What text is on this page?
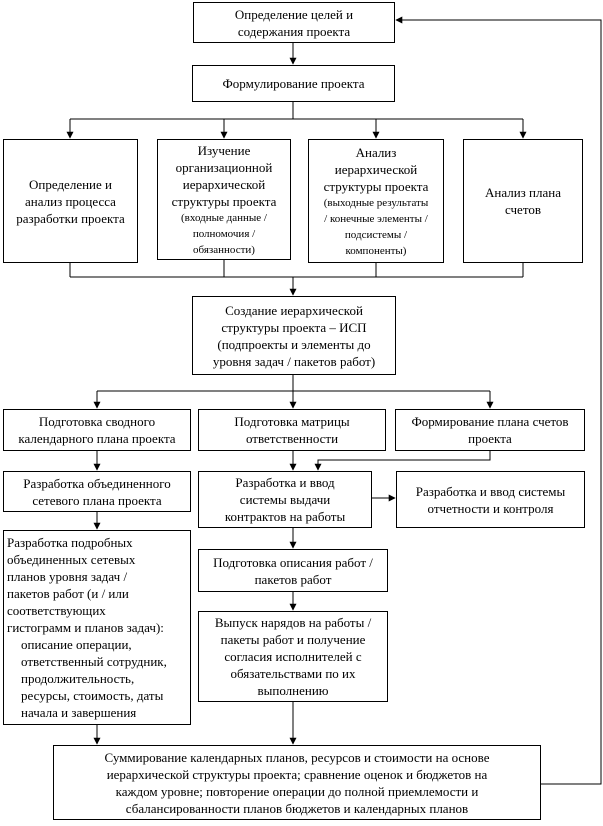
Определение целей и
содержания проекта
Формулирование проекта
Определение и
анализ процесса
разработки проекта
Изучение
организационной
иерархической
структуры проекта
(входные данные /
полномочия /
обязанности)
Анализ
иерархической
структуры проекта
(выходные результаты
/ конечные элементы /
подсистемы /
компоненты)
Анализ плана
счетов
Создание иерархической
структуры проекта – ИСП
(подпроекты и элементы до
уровня задач / пакетов работ)
Подготовка сводного
календарного плана проекта
Подготовка матрицы
ответственности
Формирование плана счетов
проекта
Разработка объединенного
сетевого плана проекта
Разработка и ввод
системы выдачи
контрактов на работы
Разработка и ввод системы
отчетности и контроля
Разработка подробных
объединенных сетевых
планов уровня задач /
пакетов работ (и / или
соответствующих
гистограмм и планов задач):
описание операции,
ответственный сотрудник,
продолжительность,
ресурсы, стоимость, даты
начала и завершения
Подготовка описания работ /
пакетов работ
Выпуск нарядов на работы /
пакеты работ и получение
согласия исполнителей с
обязательствами по их
выполнению
Суммирование календарных планов, ресурсов и стоимости на основе
иерархической структуры проекта; сравнение оценок и бюджетов на
каждом уровне; повторение операции до полной приемлемости и
сбалансированности планов бюджетов и календарных планов
